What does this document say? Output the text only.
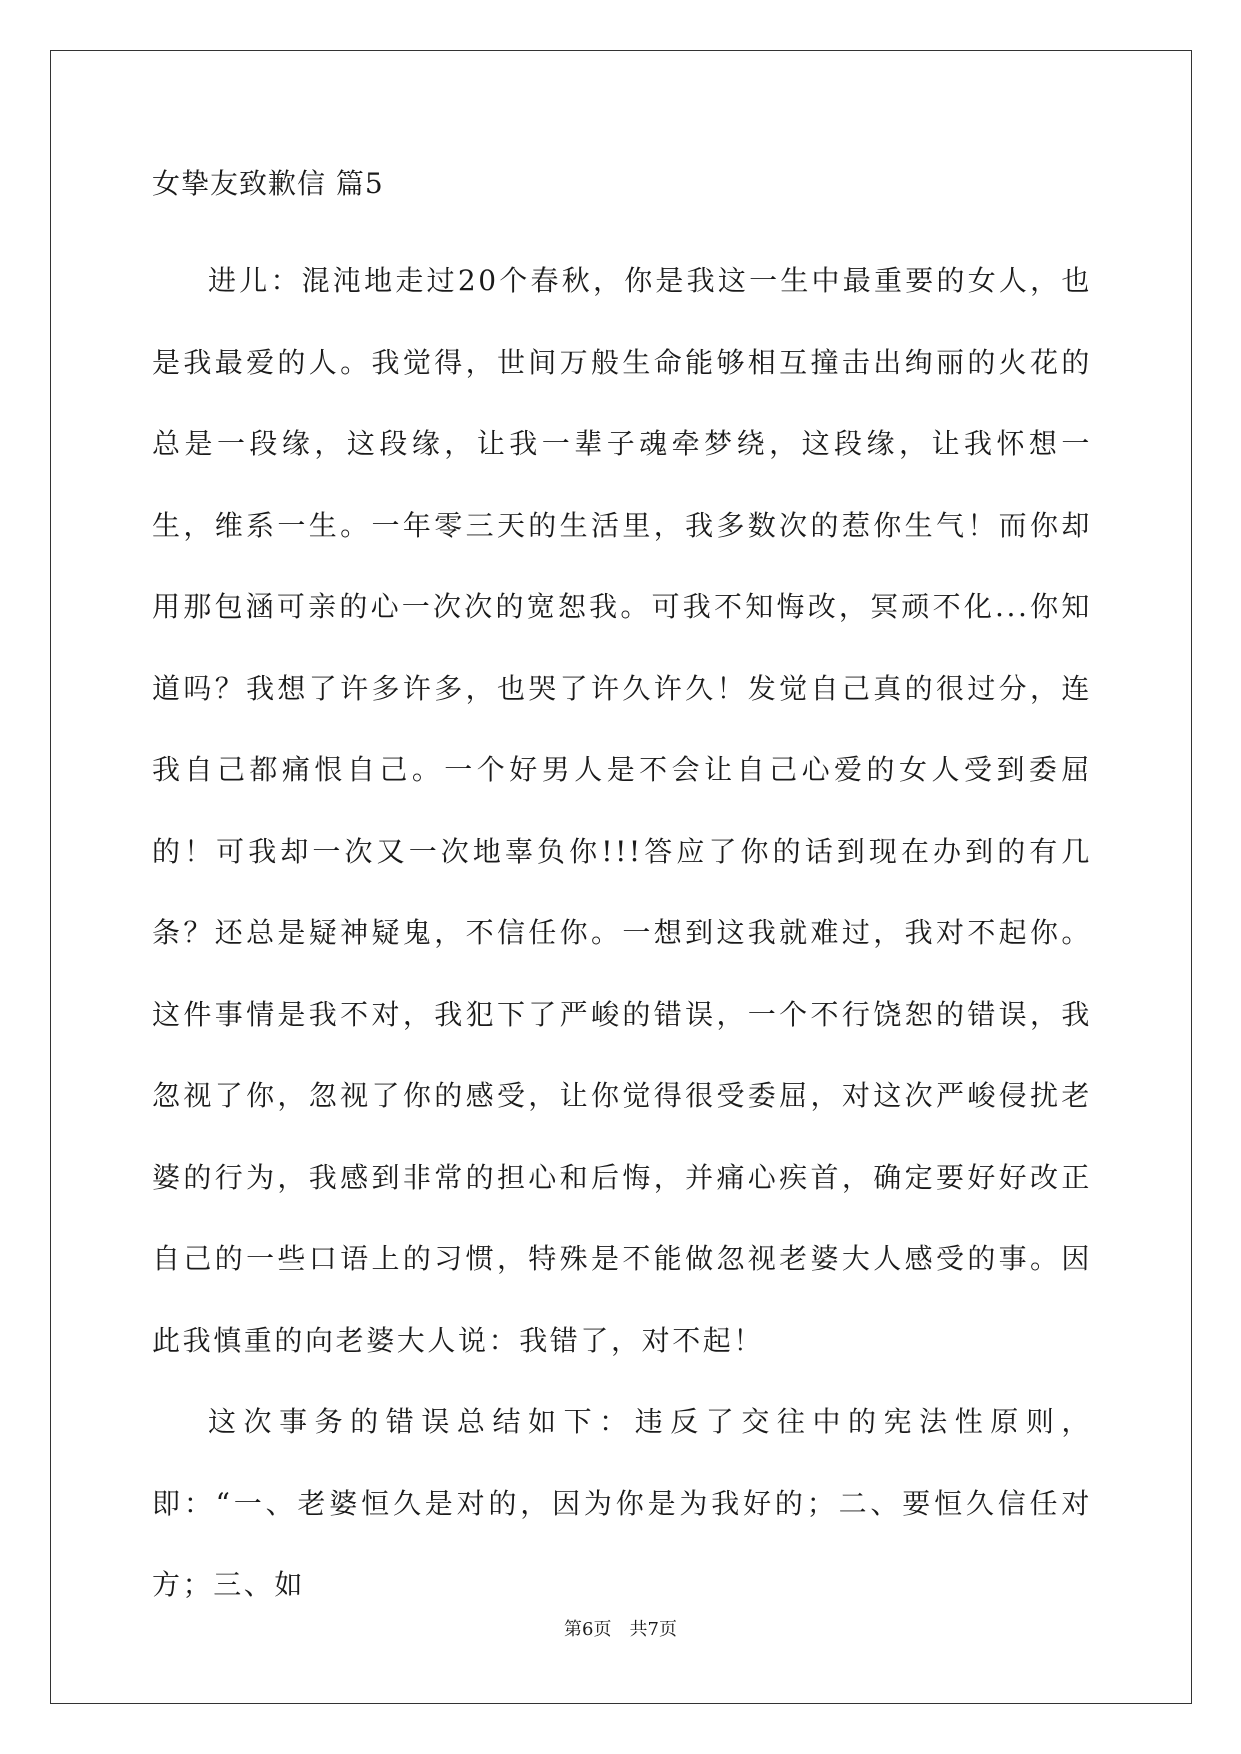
女挚友致歉信 篇5

进儿：混沌地走过20个春秋，你是我这一生中最重要的女人，也是我最爱的人。我觉得，世间万般生命能够相互撞击出绚丽的火花的总是一段缘，这段缘，让我一辈子魂牵梦绕，这段缘，让我怀想一生，维系一生。一年零三天的生活里，我多数次的惹你生气！而你却用那包涵可亲的心一次次的宽恕我。可我不知悔改，冥顽不化...你知道吗？我想了许多许多，也哭了许久许久！发觉自己真的很过分，连我自己都痛恨自己。一个好男人是不会让自己心爱的女人受到委屈的！可我却一次又一次地辜负你!!!答应了你的话到现在办到的有几条？还总是疑神疑鬼，不信任你。一想到这我就难过，我对不起你。这件事情是我不对，我犯下了严峻的错误，一个不行饶恕的错误，我忽视了你，忽视了你的感受，让你觉得很受委屈，对这次严峻侵扰老婆的行为，我感到非常的担心和后悔，并痛心疾首，确定要好好改正自己的一些口语上的习惯，特殊是不能做忽视老婆大人感受的事。因此我慎重的向老婆大人说：我错了，对不起！

这次事务的错误总结如下：违反了交往中的宪法性原则，即：“一、老婆恒久是对的，因为你是为我好的；二、要恒久信任对方；三、如

第6页 共7页
